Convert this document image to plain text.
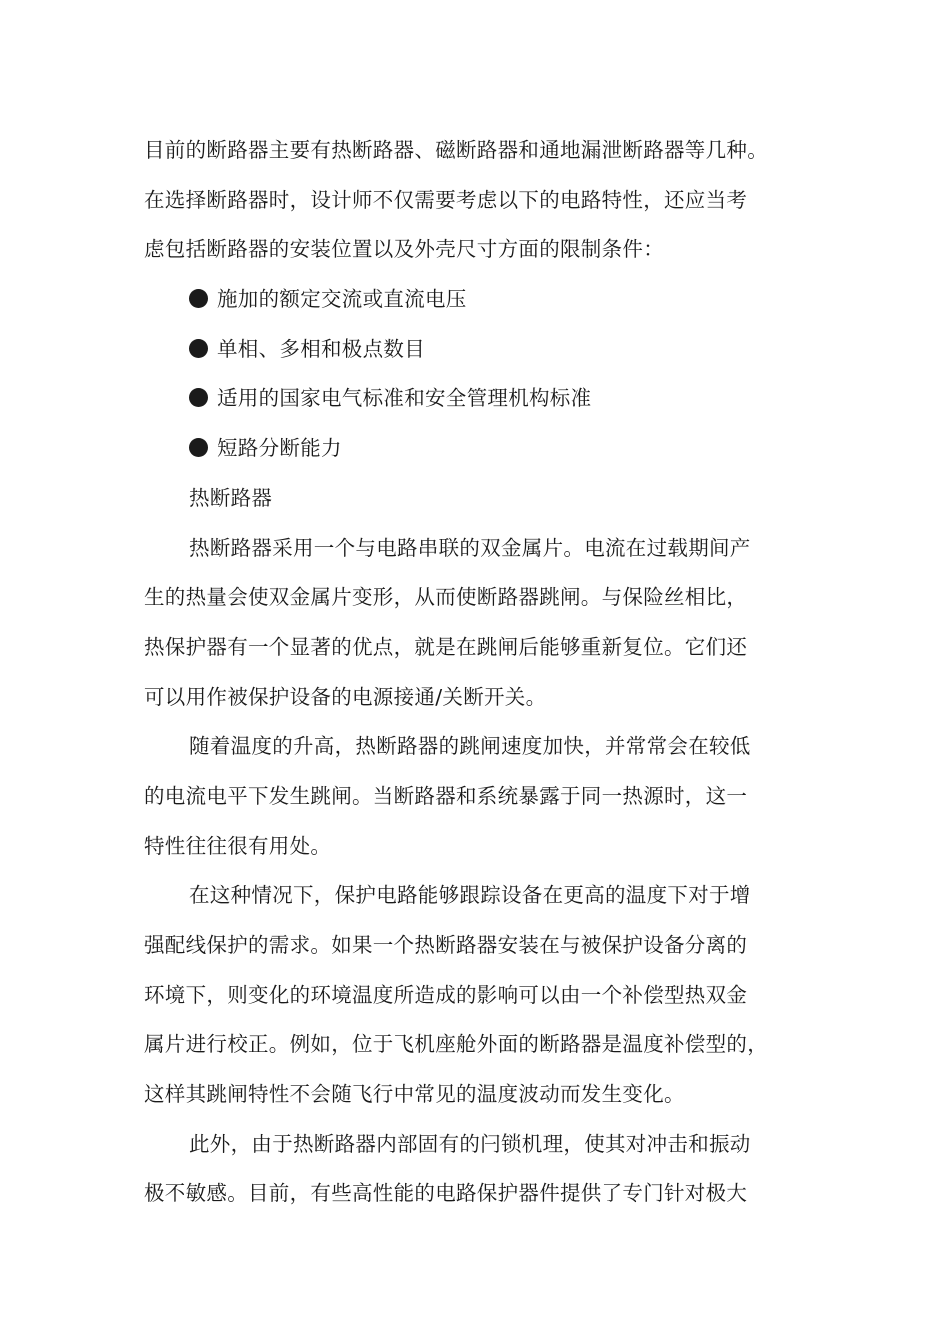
目前的断路器主要有热断路器、磁断路器和通地漏泄断路器等几种。
在选择断路器时，设计师不仅需要考虑以下的电路特性，还应当考
虑包括断路器的安装位置以及外壳尺寸方面的限制条件：
施加的额定交流或直流电压
单相、多相和极点数目
适用的国家电气标准和安全管理机构标准
短路分断能力
热断路器
热断路器采用一个与电路串联的双金属片。电流在过载期间产
生的热量会使双金属片变形，从而使断路器跳闸。与保险丝相比，
热保护器有一个显著的优点，就是在跳闸后能够重新复位。它们还
可以用作被保护设备的电源接通/关断开关。
随着温度的升高，热断路器的跳闸速度加快，并常常会在较低
的电流电平下发生跳闸。当断路器和系统暴露于同一热源时，这一
特性往往很有用处。
在这种情况下，保护电路能够跟踪设备在更高的温度下对于增
强配线保护的需求。如果一个热断路器安装在与被保护设备分离的
环境下，则变化的环境温度所造成的影响可以由一个补偿型热双金
属片进行校正。例如，位于飞机座舱外面的断路器是温度补偿型的，
这样其跳闸特性不会随飞行中常见的温度波动而发生变化。
此外，由于热断路器内部固有的闩锁机理，使其对冲击和振动
极不敏感。目前，有些高性能的电路保护器件提供了专门针对极大
